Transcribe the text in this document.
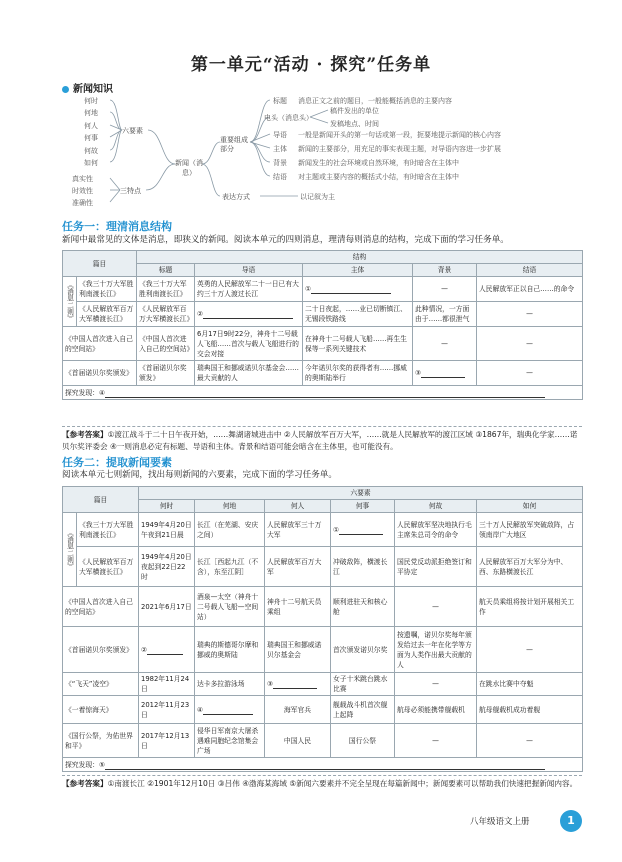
第一单元“活动 · 探究”任务单
新闻知识
何时
何地
何人
何事
何故
如何
六要素
真实性
时效性
准确性
三特点
新闻（消息）
重要组成部分
表达方式	以记叙为主
标题 消息正文之前的题目，一般能概括消息的主要内容
电头（消息头）
稿件发出的单位
发稿地点、时间
导语 一般是新闻开头的第一句话或第一段，扼要地提示新闻的核心内容
主体 新闻的主要部分，用充足的事实表现主题，对导语内容进一步扩展
背景 新闻发生的社会环境或自然环境，有时暗含在主体中
结语 对主题或主要内容的概括式小结，有时暗含在主体中
任务一：理清消息结构
新闻中最常见的文体是消息，即狭义的新闻。阅读本单元的四则消息，理清每则消息的结构，完成下面的学习任务单。
篇目		结构				
		标题	导语	主体	背景	结语
《消息二则》	《我三十万大军胜利南渡长江》	《我三十万大军胜利南渡长江》	英勇的人民解放军二十一日已有大约三十万人渡过长江	①	—	人民解放军正以自己……的命令
	《人民解放军百万大军横渡长江》	《人民解放军百万大军横渡长江》	②	二十日夜起，……业已切断镇江、无锡段铁路线	此种情况，一方面由于……都很泄气	—
《中国人首次进入自己的空间站》		《中国人首次进入自己的空间站》	6月17日9时22分，神舟十二号载人飞船……首次与载人飞船进行的交会对接	在神舟十二号载人飞船……再生生保等一系列关键技术	—	—
《首届诺贝尔奖颁发》		《首届诺贝尔奖颁发》	瑞典国王和挪威诺贝尔基金会……最大贡献的人	今年诺贝尔奖的获得者有……挪威的奥斯陆举行	③	—
探究发现：④						
【参考答案】①渡江战斗于二十日午夜开始，……舞湖诸城进击中 ②人民解放军百万大军，……就是人民解放军的渡江区域 ③1867年，瑞典化学家……诺贝尔奖评委会 ④一则消息必定有标题、导语和主体。背景和结语可能会暗含在主体里，也可能没有。
任务二：提取新闻要素
阅读本单元七则新闻，找出每则新闻的六要素，完成下面的学习任务单。
篇目		六要素					
		何时	何地	何人	何事	何故	如何
《消息二则》	《我三十万大军胜利南渡长江》	1949年4月20日午夜到21日晨	长江（在芜湖、安庆之间）	人民解放军三十万大军	①	人民解放军坚决地执行毛主席朱总司令的命令	三十万人民解放军突破敌阵，占领南岸广大地区
	《人民解放军百万大军横渡长江》	1949年4月20日夜起到22日22时	长江［西起九江（不含），东至江阴］	人民解放军百万大军	冲破敌阵，横渡长江	国民党反动派拒绝签订和平协定	人民解放军百万大军分为中、西、东路横渡长江
《中国人首次进入自己的空间站》		2021年6月17日	酒泉—太空（神舟十二号载人飞船—空间站）	神舟十二号航天员乘组	顺利进驻天和核心舱	—	航天员乘组将按计划开展相关工作
《首届诺贝尔奖颁发》		②	瑞典的斯德哥尔摩和挪威的奥斯陆	瑞典国王和挪威诺贝尔基金会	首次颁发诺贝尔奖	按遗嘱，诺贝尔奖每年颁发给过去一年在化学等方面为人类作出最大贡献的人	—
《“飞天”凌空》		1982年11月24日	达卡多拉游泳场	③	女子十米跳台跳水比赛	—	在跳水比赛中夺魁
《一着惊海天》		2012年11月23日	④	海军官兵	舰载战斗机首次舰上起降	航母必须能携带舰载机	航母舰载机成功着舰
《国行公祭，为佑世界和平》		2017年12月13日	侵华日军南京大屠杀遇难同胞纪念馆集会广场	中国人民	国行公祭	—	—
探究发现：⑤							
【参考答案】①南渡长江 ②1901年12月10日 ③吕伟 ④渤海某海域 ⑤新闻六要素并不完全呈现在每篇新闻中；新闻要素可以帮助我们快速把握新闻内容。
八年级语文上册	1
